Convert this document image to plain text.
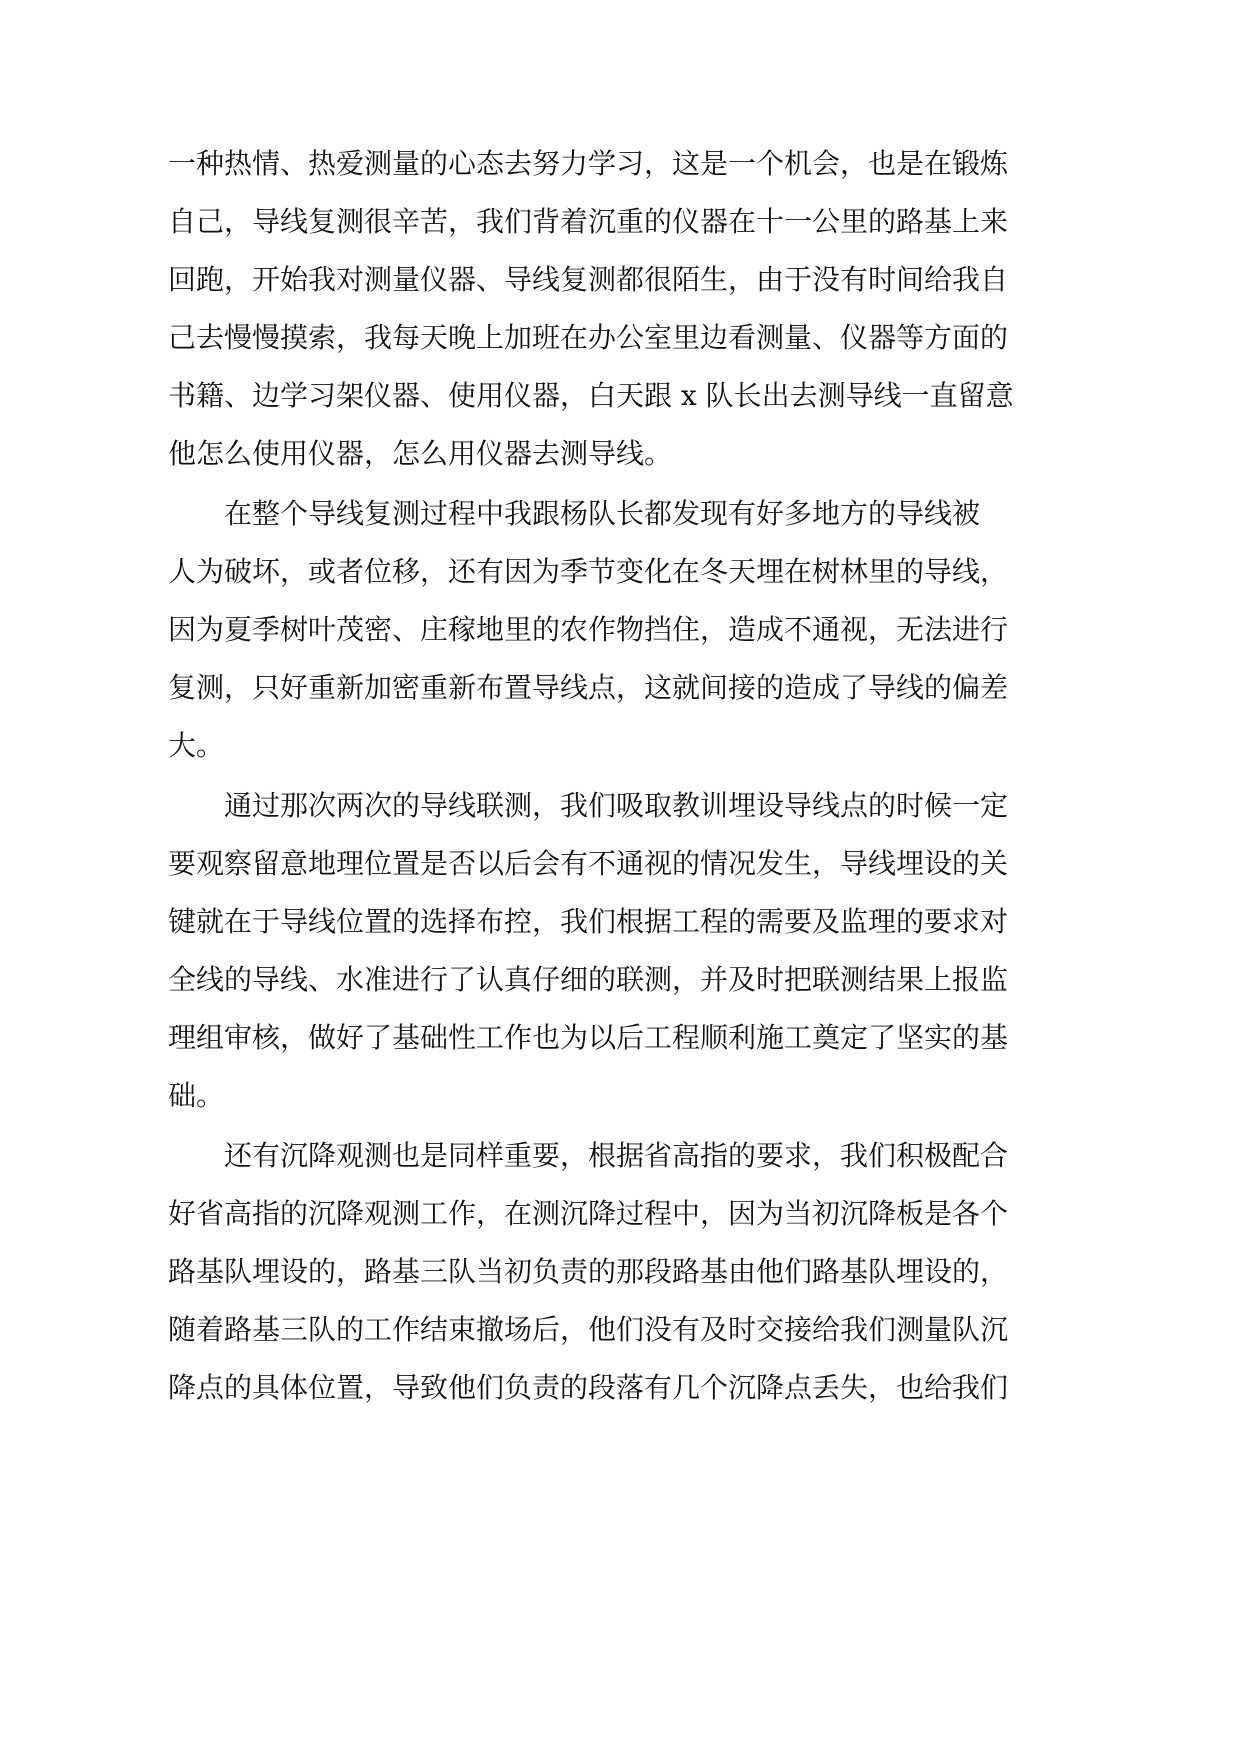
一种热情、热爱测量的心态去努力学习，这是一个机会，也是在锻炼
自己，导线复测很辛苦，我们背着沉重的仪器在十一公里的路基上来
回跑，开始我对测量仪器、导线复测都很陌生，由于没有时间给我自
己去慢慢摸索，我每天晚上加班在办公室里边看测量、仪器等方面的
书籍、边学习架仪器、使用仪器，白天跟 x 队长出去测导线一直留意
他怎么使用仪器，怎么用仪器去测导线。
在整个导线复测过程中我跟杨队长都发现有好多地方的导线被
人为破坏，或者位移，还有因为季节变化在冬天埋在树林里的导线，
因为夏季树叶茂密、庄稼地里的农作物挡住，造成不通视，无法进行
复测，只好重新加密重新布置导线点，这就间接的造成了导线的偏差
大。
通过那次两次的导线联测，我们吸取教训埋设导线点的时候一定
要观察留意地理位置是否以后会有不通视的情况发生，导线埋设的关
键就在于导线位置的选择布控，我们根据工程的需要及监理的要求对
全线的导线、水准进行了认真仔细的联测，并及时把联测结果上报监
理组审核，做好了基础性工作也为以后工程顺利施工奠定了坚实的基
础。
还有沉降观测也是同样重要，根据省高指的要求，我们积极配合
好省高指的沉降观测工作，在测沉降过程中，因为当初沉降板是各个
路基队埋设的，路基三队当初负责的那段路基由他们路基队埋设的，
随着路基三队的工作结束撤场后，他们没有及时交接给我们测量队沉
降点的具体位置，导致他们负责的段落有几个沉降点丢失，也给我们
